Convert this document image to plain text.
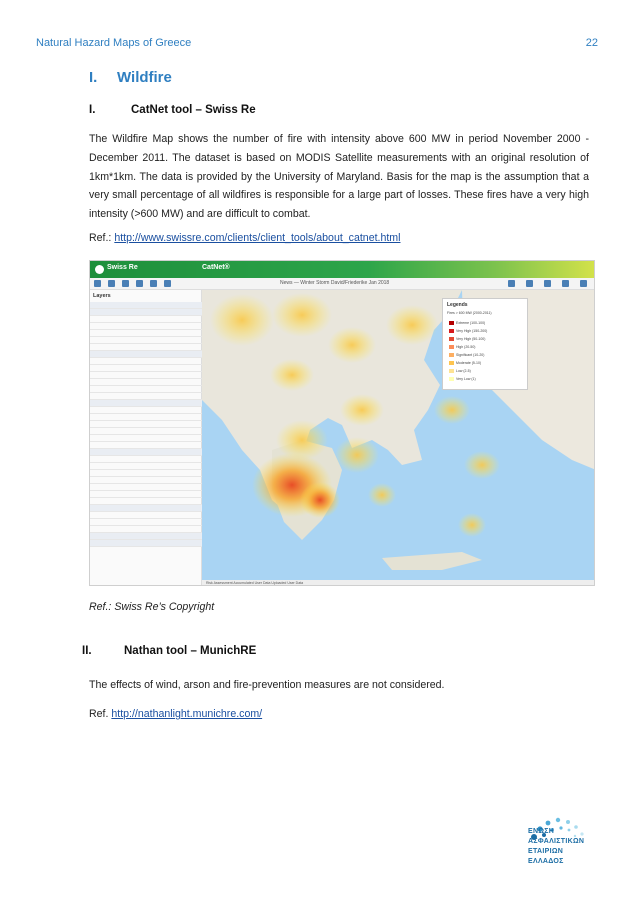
Natural Hazard Maps of Greece	22
I. Wildfire
I.	CatNet tool – Swiss Re

The Wildfire Map shows the number of fire with intensity above 600 MW in period November 2000 - December 2011. The dataset is based on MODIS Satellite measurements with an original resolution of 1km*1km. The data is provided by the University of Maryland. Basis for the map is the assumption that a very small percentage of all wildfires is responsible for a large part of losses. These fires have a very high intensity (>600 MW) and are difficult to combat.

Ref.: http://www.swissre.com/clients/client_tools/about_catnet.html
Swiss Re	CatNet®
News — Winter Storm David/Friederike Jan 2018
Layers
Legends
Fires > 600 MW (2000-2011)
Extreme (100-100)
Very High (150-200)
Very High (50-100)
High (20-50)
Significant (10-20)
Moderate (5-10)
Low (2-5)
Very Low (1)
Risk Assessment Accumulated User Data Uploaded User Data
Ref.: Swiss Re’s Copyright
II.	Nathan tool – MunichRE

The effects of wind, arson and fire-prevention measures are not considered.

Ref. http://nathanlight.munichre.com/
ΕΝΩΣΗ
ΑΣΦΑΛΙΣΤΙΚΩΝ
ΕΤΑΙΡΙΩΝ
ΕΛΛΑΔΟΣ
